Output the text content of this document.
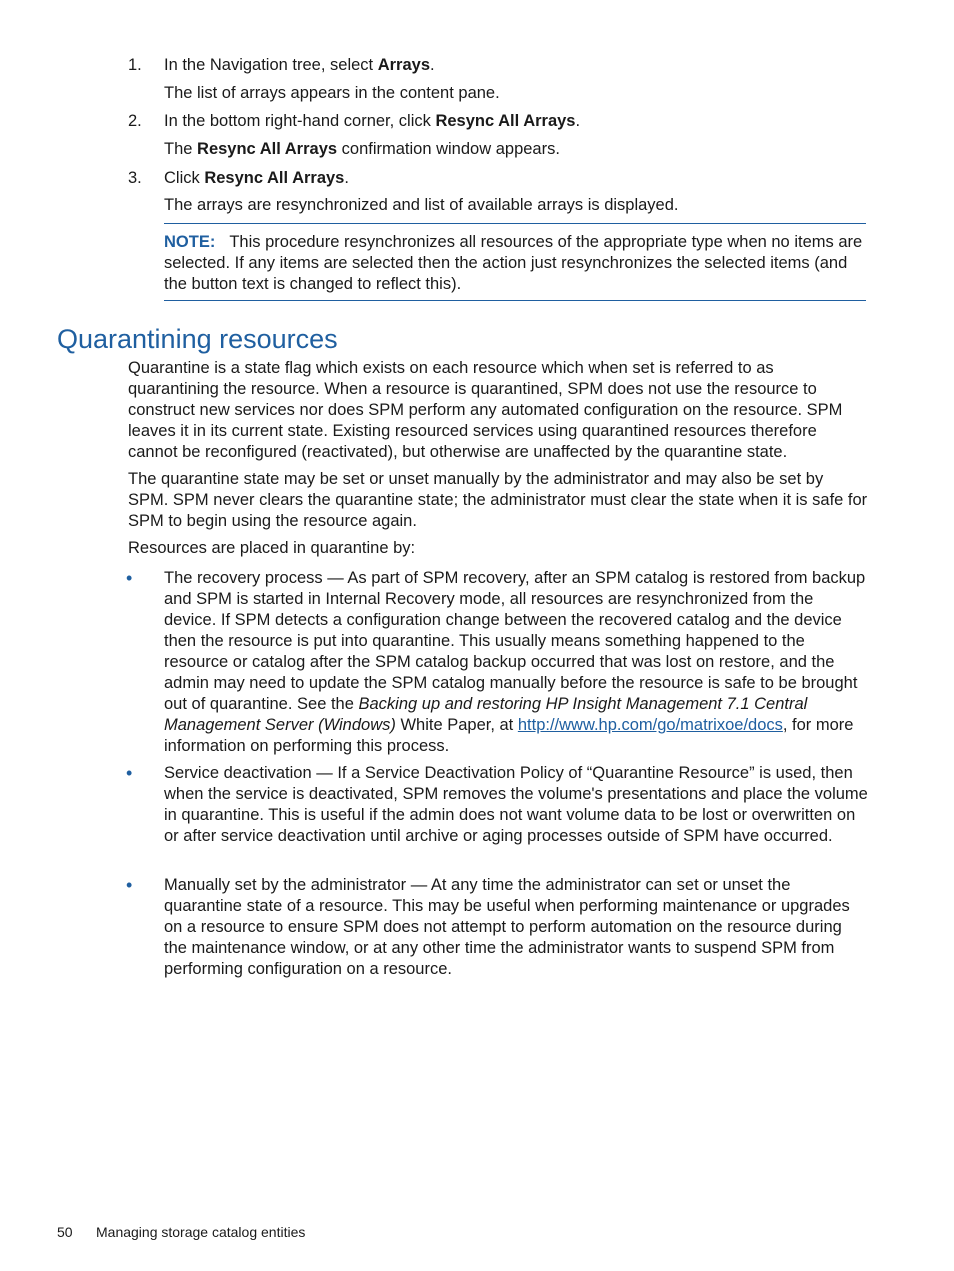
1. In the Navigation tree, select Arrays.
The list of arrays appears in the content pane.
2. In the bottom right-hand corner, click Resync All Arrays.
The Resync All Arrays confirmation window appears.
3. Click Resync All Arrays.
The arrays are resynchronized and list of available arrays is displayed.
NOTE: This procedure resynchronizes all resources of the appropriate type when no items are selected. If any items are selected then the action just resynchronizes the selected items (and the button text is changed to reflect this).
Quarantining resources
Quarantine is a state flag which exists on each resource which when set is referred to as quarantining the resource. When a resource is quarantined, SPM does not use the resource to construct new services nor does SPM perform any automated configuration on the resource. SPM leaves it in its current state. Existing resourced services using quarantined resources therefore cannot be reconfigured (reactivated), but otherwise are unaffected by the quarantine state.
The quarantine state may be set or unset manually by the administrator and may also be set by SPM. SPM never clears the quarantine state; the administrator must clear the state when it is safe for SPM to begin using the resource again.
Resources are placed in quarantine by:
• The recovery process — As part of SPM recovery, after an SPM catalog is restored from backup and SPM is started in Internal Recovery mode, all resources are resynchronized from the device. If SPM detects a configuration change between the recovered catalog and the device then the resource is put into quarantine. This usually means something happened to the resource or catalog after the SPM catalog backup occurred that was lost on restore, and the admin may need to update the SPM catalog manually before the resource is safe to be brought out of quarantine. See the Backing up and restoring HP Insight Management 7.1 Central Management Server (Windows) White Paper, at http://www.hp.com/go/matrixoe/docs, for more information on performing this process.
• Service deactivation — If a Service Deactivation Policy of “Quarantine Resource” is used, then when the service is deactivated, SPM removes the volume's presentations and place the volume in quarantine. This is useful if the admin does not want volume data to be lost or overwritten on or after service deactivation until archive or aging processes outside of SPM have occurred.
• Manually set by the administrator — At any time the administrator can set or unset the quarantine state of a resource. This may be useful when performing maintenance or upgrades on a resource to ensure SPM does not attempt to perform automation on the resource during the maintenance window, or at any other time the administrator wants to suspend SPM from performing configuration on a resource.
50 Managing storage catalog entities
